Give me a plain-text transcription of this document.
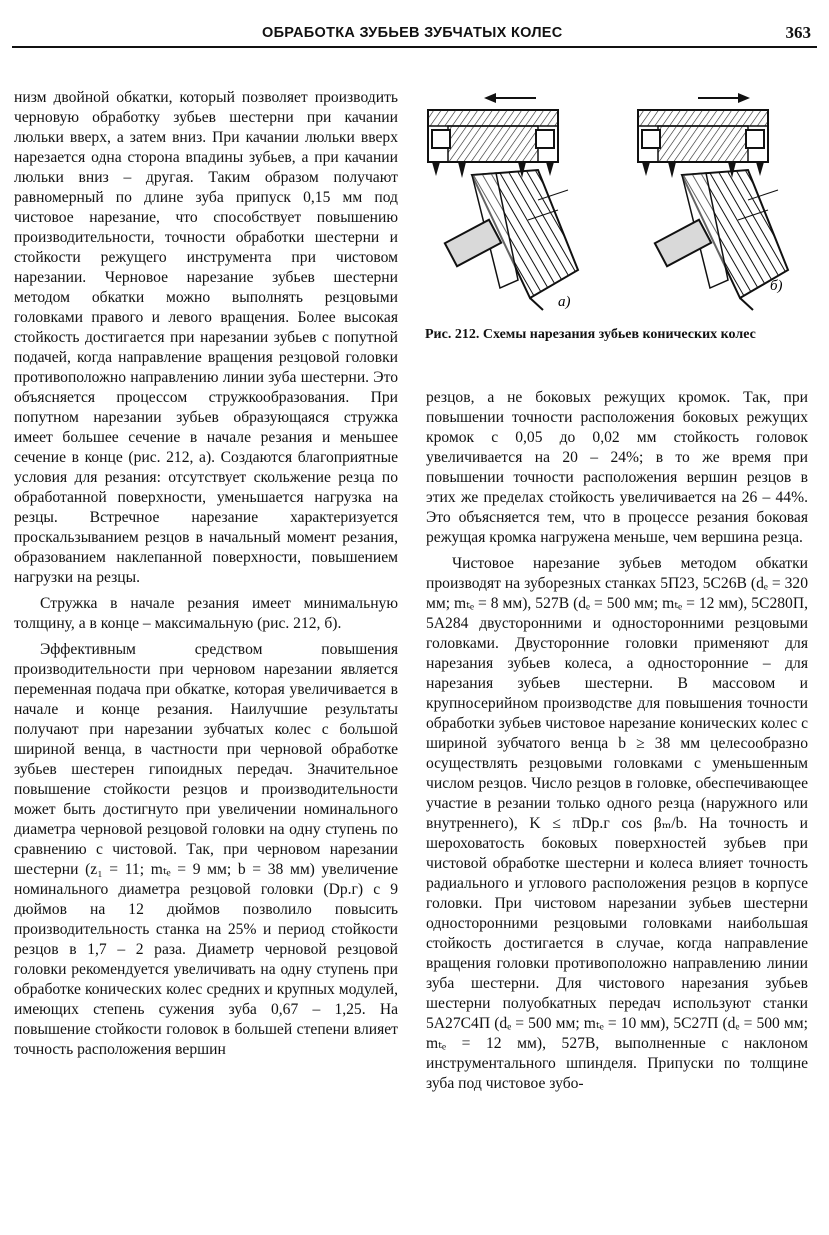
ОБРАБОТКА ЗУБЬЕВ ЗУБЧАТЫХ КОЛЕС	363

низм двойной обкатки, который позволяет производить черновую обработку зубьев шестерни при качании люльки вверх, а затем вниз. При качании люльки вверх нарезается одна сторона впадины зубьев, а при качании люльки вниз – другая. Таким образом получают равномерный по длине зуба припуск 0,15 мм под чистовое нарезание, что способствует повышению производительности, точности обработки шестерни и стойкости режущего инструмента при чистовом нарезании. Черновое нарезание зубьев шестерни методом обкатки можно выполнять резцовыми головками правого и левого вращения. Более высокая стойкость достигается при нарезании зубьев с попутной подачей, когда направление вращения резцовой головки противоположно направлению линии зуба шестерни. Это объясняется процессом стружкообразования. При попутном нарезании зубьев образующаяся стружка имеет большее сечение в начале резания и меньшее сечение в конце (рис. 212, а). Создаются благоприятные условия для резания: отсутствует скольжение резца по обработанной поверхности, уменьшается нагрузка на резцы. Встречное нарезание характеризуется проскальзыванием резцов в начальный момент резания, образованием наклепанной поверхности, повышением нагрузки на резцы.

Стружка в начале резания имеет минимальную толщину, а в конце – максимальную (рис. 212, б).

Эффективным средством повышения производительности при черновом нарезании является переменная подача при обкатке, которая увеличивается в начале и конце резания. Наилучшие результаты получают при нарезании зубчатых колес с большой шириной венца, в частности при черновой обработке зубьев шестерен гипоидных передач. Значительное повышение стойкости резцов и производительности может быть достигнуто при увеличении номинального диаметра черновой резцовой головки на одну ступень по сравнению с чистовой. Так, при черновом нарезании шестерни (z₁ = 11; mₜₑ = 9 мм; b = 38 мм) увеличение номинального диаметра резцовой головки (Dр.г) с 9 дюймов на 12 дюймов позволило повысить производительность станка на 25% и период стойкости резцов в 1,7 – 2 раза. Диаметр черновой резцовой головки рекомендуется увеличивать на одну ступень при обработке конических колес средних и крупных модулей, имеющих степень сужения зуба 0,67 – 1,25. На повышение стойкости головок в большей степени влияет точность расположения вершин

а)
б)
Рис. 212. Схемы нарезания зубьев конических колес

резцов, а не боковых режущих кромок. Так, при повышении точности расположения боковых режущих кромок с 0,05 до 0,02 мм стойкость головок увеличивается на 20 – 24%; в то же время при повышении точности расположения вершин резцов в этих же пределах стойкость увеличивается на 26 – 44%. Это объясняется тем, что в процессе резания боковая режущая кромка нагружена меньше, чем вершина резца.

Чистовое нарезание зубьев методом обкатки производят на зуборезных станках 5П23, 5С26В (dₑ = 320 мм; mₜₑ = 8 мм), 527В (dₑ = 500 мм; mₜₑ = 12 мм), 5С280П, 5А284 двусторонними и односторонними резцовыми головками. Двусторонние головки применяют для нарезания зубьев колеса, а односторонние – для нарезания зубьев шестерни. В массовом и крупносерийном производстве для повышения точности обработки зубьев чистовое нарезание конических колес с шириной зубчатого венца b ≥ 38 мм целесообразно осуществлять резцовыми головками с уменьшенным числом резцов. Число резцов в головке, обеспечивающее участие в резании только одного резца (наружного или внутреннего), K ≤ πDр.г cos βₘ/b. На точность и шероховатость боковых поверхностей зубьев при чистовой обработке шестерни и колеса влияет точность радиального и углового расположения резцов в корпусе головки. При чистовом нарезании зубьев шестерни односторонними резцовыми головками наибольшая стойкость достигается в случае, когда направление вращения головки противоположно направлению линии зуба шестерни. Для чистового нарезания зубьев шестерни полуобкатных передач используют станки 5А27С4П (dₑ = 500 мм; mₜₑ = 10 мм), 5С27П (dₑ = 500 мм; mₜₑ = 12 мм), 527В, выполненные с наклоном инструментального шпинделя. Припуски по толщине зуба под чистовое зубо-
